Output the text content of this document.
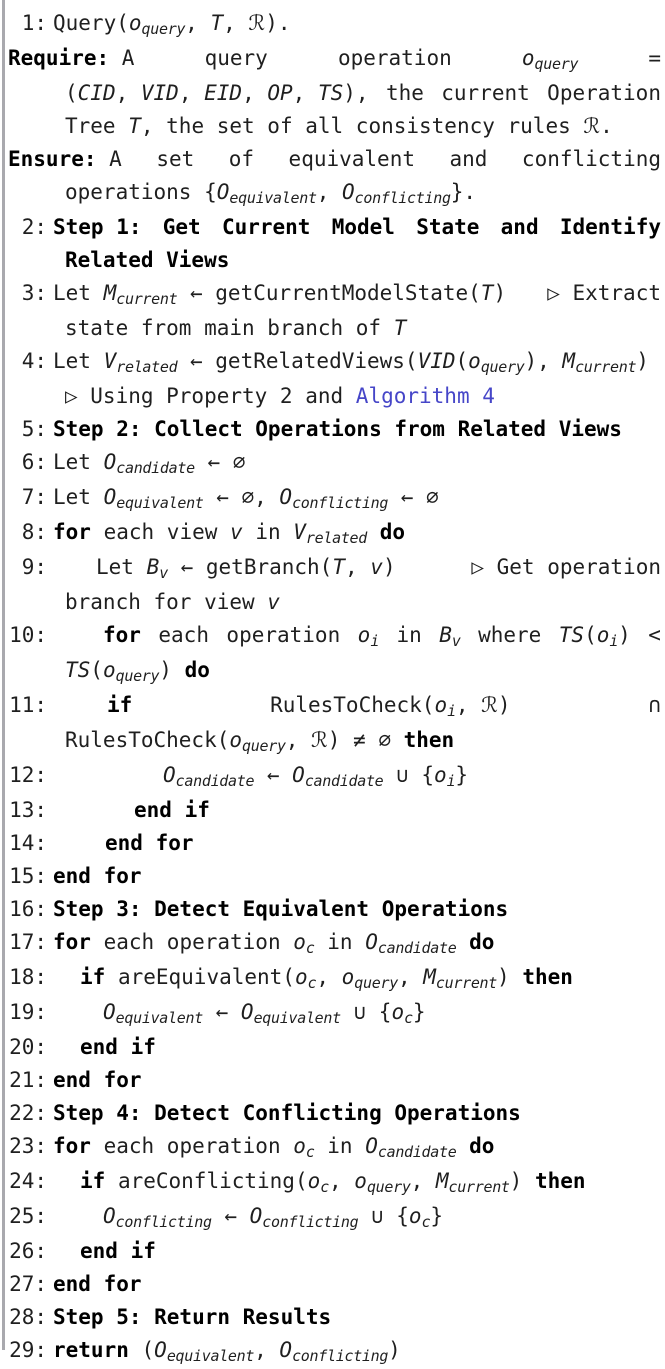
1: Query(oquery, T, ℛ).
Require: A	query	operation	oquery	=
(CID, VID, EID, OP, TS), the current Operation
Tree T, the set of all consistency rules ℛ.
Ensure: A set of equivalent and conflicting
operations {Oequivalent, Oconflicting}.
2: Step 1: Get Current Model State and Identify
Related Views
3: Let Mcurrent ← getCurrentModelState(T) ▷ Extract
state from main branch of T
4: Let Vrelated ← getRelatedViews(VID(oquery), Mcurrent)
▷ Using Property 2 and Algorithm 4
5: Step 2: Collect Operations from Related Views
6: Let Ocandidate ← ∅
7: Let Oequivalent ← ∅, Oconflicting ← ∅
8: for each view v in Vrelated do
9: Let Bv ← getBranch(T, v)	▷ Get operation
branch for view v
10:	for each operation oi in Bv where TS(oi) <
TS(oquery) do
11:	if	RulesToCheck(oi, ℛ)	∩
RulesToCheck(oquery, ℛ) ≠ ∅ then
12:	Ocandidate ← Ocandidate ∪ {oi}
13:	end if
14:	end for
15: end for
16: Step 3: Detect Equivalent Operations
17: for each operation oc in Ocandidate do
18: if areEquivalent(oc, oquery, Mcurrent) then
19:	Oequivalent ← Oequivalent ∪ {oc}
20: end if
21: end for
22: Step 4: Detect Conflicting Operations
23: for each operation oc in Ocandidate do
24: if areConflicting(oc, oquery, Mcurrent) then
25:	Oconflicting ← Oconflicting ∪ {oc}
26: end if
27: end for
28: Step 5: Return Results
29: return (Oequivalent, Oconflicting)
